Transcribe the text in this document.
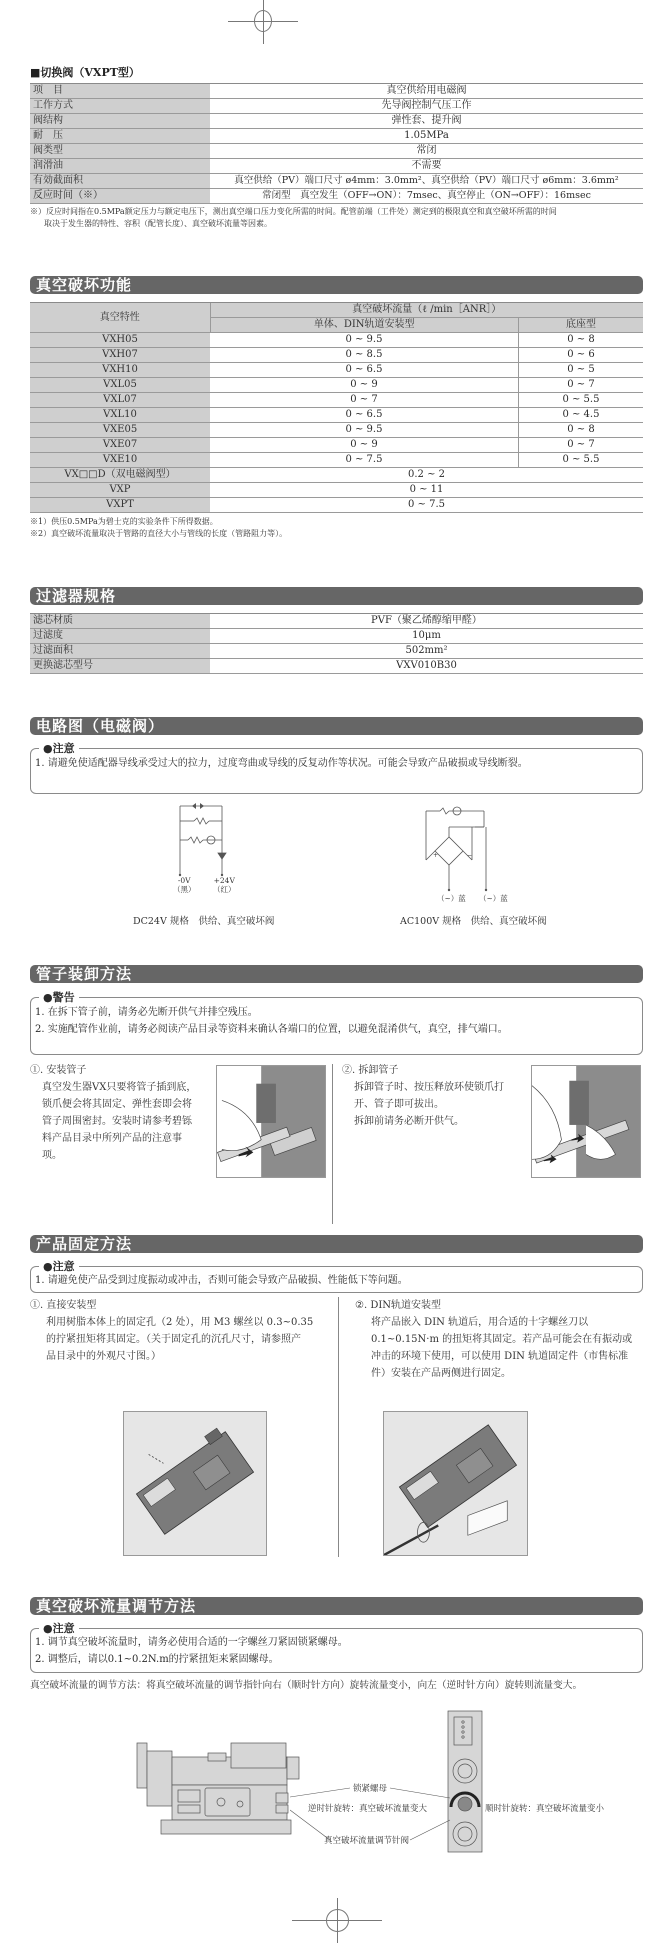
■切换阀（VXPT型）
项　目	真空供给用电磁阀
工作方式	先导阀控制气压工作
阀结构	弹性套、提升阀
耐　压	1.05MPa
阀类型	常闭
润滑油	不需要
有効截面积	真空供给（PV）端口尺寸 ø4mm：3.0mm²、真空供给（PV）端口尺寸 ø6mm：3.6mm²
反应时间（※）	常闭型　真空发生（OFF→ON）：7msec、真空停止（ON→OFF）：16msec
※）反应时间指在0.5MPa额定压力与额定电压下，测出真空端口压力变化所需的时间。配管前端（工件处）测定到的极限真空和真空破坏所需的时间
取决于发生器的特性、容积（配管长度）、真空破坏流量等因素。
真空破坏功能
真空特性	真空破坏流量（ℓ /min［ANR］）	
	单体、DIN轨道安装型	底座型
VXH05	0 ~ 9.5	0 ~ 8
VXH07	0 ~ 8.5	0 ~ 6
VXH10	0 ~ 6.5	0 ~ 5
VXL05	0 ~ 9	0 ~ 7
VXL07	0 ~ 7	0 ~ 5.5
VXL10	0 ~ 6.5	0 ~ 4.5
VXE05	0 ~ 9.5	0 ~ 8
VXE07	0 ~ 9	0 ~ 7
VXE10	0 ~ 7.5	0 ~ 5.5
VX□□D（双电磁阀型）	0.2 ~ 2	
VXP	0 ~ 11	
VXPT	0 ~ 7.5	
※1）供压0.5MPa为碧士克的实验条件下所得数据。
※2）真空破坏流量取决于管路的直径大小与管线的长度（管路阻力等）。
过滤器规格
滤芯材质	PVF（聚乙烯醇缩甲醛）
过滤度	10μm
过滤面积	502mm²
更换滤芯型号	VXV010B30
电路图（电磁阀）
●注意
1. 请避免使适配器导线承受过大的拉力，过度弯曲或导线的反复动作等状况。可能会导致产品破损或导线断裂。
-0V
（黑）
+24V
（红）
DC24V 规格　供给、真空破坏阀
+	−
（~）蓝 （~）蓝
AC100V 规格　供给、真空破坏阀
管子装卸方法
●警告
1. 在拆下管子前，请务必先断开供气并排空残压。
2. 实施配管作业前，请务必阅读产品目录等资料来确认各端口的位置，以避免混淆供气，真空，排气端口。
①. 安装管子
真空发生器VX只要将管子插到底，
锁爪便会将其固定、弹性套即会将
管子周围密封。安装时请参考碧铄
料产品目录中所列产品的注意事
项。
②. 拆卸管子
拆卸管子时、按压释放环使锁爪打
开、管子即可拔出。
拆卸前请务必断开供气。
产品固定方法
●注意
1. 请避免使产品受到过度振动或冲击，否则可能会导致产品破损、性能低下等问题。
①. 直接安装型
利用树脂本体上的固定孔（2 处），用 M3 螺丝以 0.3~0.35
的拧紧扭矩将其固定。（关于固定孔的沉孔尺寸，请参照产
品目录中的外观尺寸图。）
②. DIN轨道安装型
将产品嵌入 DIN 轨道后，用合适的十字螺丝刀以
0.1~0.15N·m 的扭矩将其固定。若产品可能会在有振动或
冲击的环境下使用，可以使用 DIN 轨道固定件（市售标准
件）安装在产品两侧进行固定。
真空破坏流量调节方法
●注意
1. 调节真空破坏流量时，请务必使用合适的一字螺丝刀紧固锁紧螺母。
2. 调整后，请以0.1~0.2N.m的拧紧扭矩来紧固螺母。
真空破坏流量的调节方法：将真空破坏流量的调节指针向右（顺时针方向）旋转流量变小，向左（逆时针方向）旋转则流量变大。
锁紧螺母
逆时针旋转：真空破坏流量变大	顺时针旋转：真空破坏流量变小
真空破坏流量调节针阀
